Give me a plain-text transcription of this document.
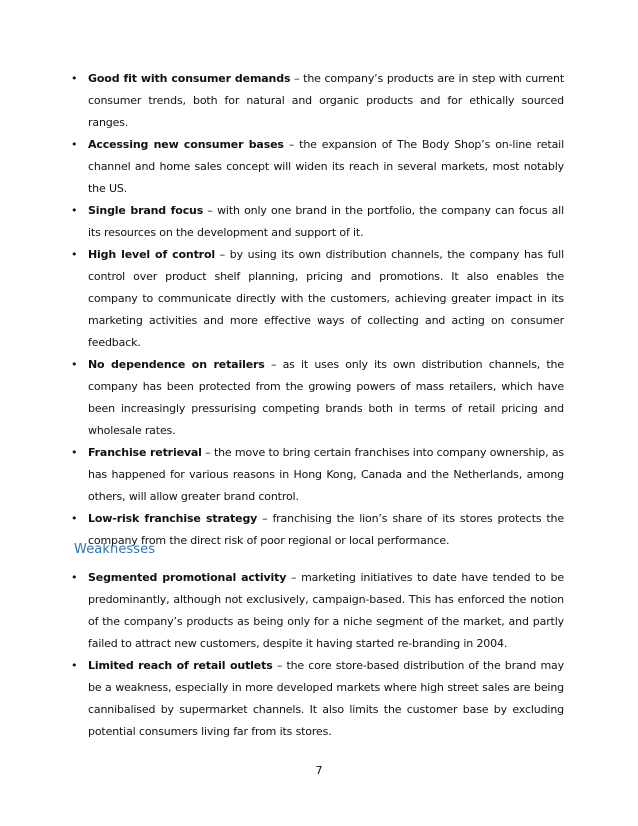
• Good fit with consumer demands – the company’s products are in step with current consumer trends, both for natural and organic products and for ethically sourced ranges.
• Accessing new consumer bases – the expansion of The Body Shop’s on-line retail channel and home sales concept will widen its reach in several markets, most notably the US.
• Single brand focus – with only one brand in the portfolio, the company can focus all its resources on the development and support of it.
• High level of control – by using its own distribution channels, the company has full control over product shelf planning, pricing and promotions. It also enables the company to communicate directly with the customers, achieving greater impact in its marketing activities and more effective ways of collecting and acting on consumer feedback.
• No dependence on retailers – as it uses only its own distribution channels, the company has been protected from the growing powers of mass retailers, which have been increasingly pressurising competing brands both in terms of retail pricing and wholesale rates.
• Franchise retrieval – the move to bring certain franchises into company ownership, as has happened for various reasons in Hong Kong, Canada and the Netherlands, among others, will allow greater brand control.
• Low-risk franchise strategy – franchising the lion’s share of its stores protects the company from the direct risk of poor regional or local performance.
Weaknesses
• Segmented promotional activity – marketing initiatives to date have tended to be predominantly, although not exclusively, campaign-based. This has enforced the notion of the company’s products as being only for a niche segment of the market, and partly failed to attract new customers, despite it having started re-branding in 2004.
• Limited reach of retail outlets – the core store-based distribution of the brand may be a weakness, especially in more developed markets where high street sales are being cannibalised by supermarket channels. It also limits the customer base by excluding potential consumers living far from its stores.
7
